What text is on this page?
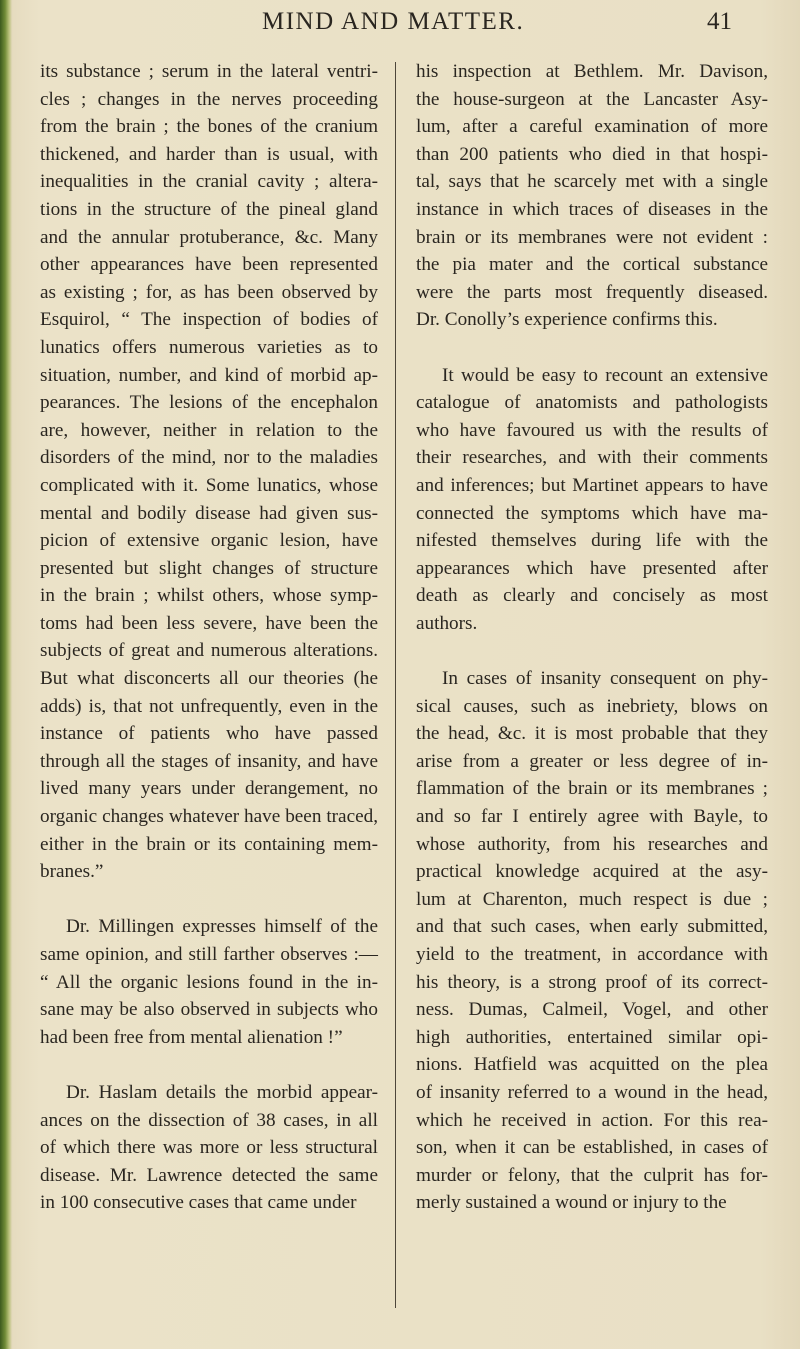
MIND AND MATTER.	41
its substance ; serum in the lateral ventri-
cles ; changes in the nerves proceeding
from the brain ; the bones of the cranium
thickened, and harder than is usual, with
inequalities in the cranial cavity ; altera-
tions in the structure of the pineal gland
and the annular protuberance, &c. Many
other appearances have been represented
as existing ; for, as has been observed by
Esquirol, “ The inspection of bodies of
lunatics offers numerous varieties as to
situation, number, and kind of morbid ap-
pearances. The lesions of the encephalon
are, however, neither in relation to the
disorders of the mind, nor to the maladies
complicated with it. Some lunatics, whose
mental and bodily disease had given sus-
picion of extensive organic lesion, have
presented but slight changes of structure
in the brain ; whilst others, whose symp-
toms had been less severe, have been the
subjects of great and numerous alterations.
But what disconcerts all our theories (he
adds) is, that not unfrequently, even in the
instance of patients who have passed
through all the stages of insanity, and have
lived many years under derangement, no
organic changes whatever have been traced,
either in the brain or its containing mem-
branes.”
Dr. Millingen expresses himself of the
same opinion, and still farther observes :—
“ All the organic lesions found in the in-
sane may be also observed in subjects who
had been free from mental alienation !”
Dr. Haslam details the morbid appear-
ances on the dissection of 38 cases, in all
of which there was more or less structural
disease. Mr. Lawrence detected the same
in 100 consecutive cases that came under
his inspection at Bethlem. Mr. Davison,
the house-surgeon at the Lancaster Asy-
lum, after a careful examination of more
than 200 patients who died in that hospi-
tal, says that he scarcely met with a single
instance in which traces of diseases in the
brain or its membranes were not evident :
the pia mater and the cortical substance
were the parts most frequently diseased.
Dr. Conolly’s experience confirms this.
It would be easy to recount an extensive
catalogue of anatomists and pathologists
who have favoured us with the results of
their researches, and with their comments
and inferences; but Martinet appears to have
connected the symptoms which have ma-
nifested themselves during life with the
appearances which have presented after
death as clearly and concisely as most
authors.
In cases of insanity consequent on phy-
sical causes, such as inebriety, blows on
the head, &c. it is most probable that they
arise from a greater or less degree of in-
flammation of the brain or its membranes ;
and so far I entirely agree with Bayle, to
whose authority, from his researches and
practical knowledge acquired at the asy-
lum at Charenton, much respect is due ;
and that such cases, when early submitted,
yield to the treatment, in accordance with
his theory, is a strong proof of its correct-
ness. Dumas, Calmeil, Vogel, and other
high authorities, entertained similar opi-
nions. Hatfield was acquitted on the plea
of insanity referred to a wound in the head,
which he received in action. For this rea-
son, when it can be established, in cases of
murder or felony, that the culprit has for-
merly sustained a wound or injury to the
